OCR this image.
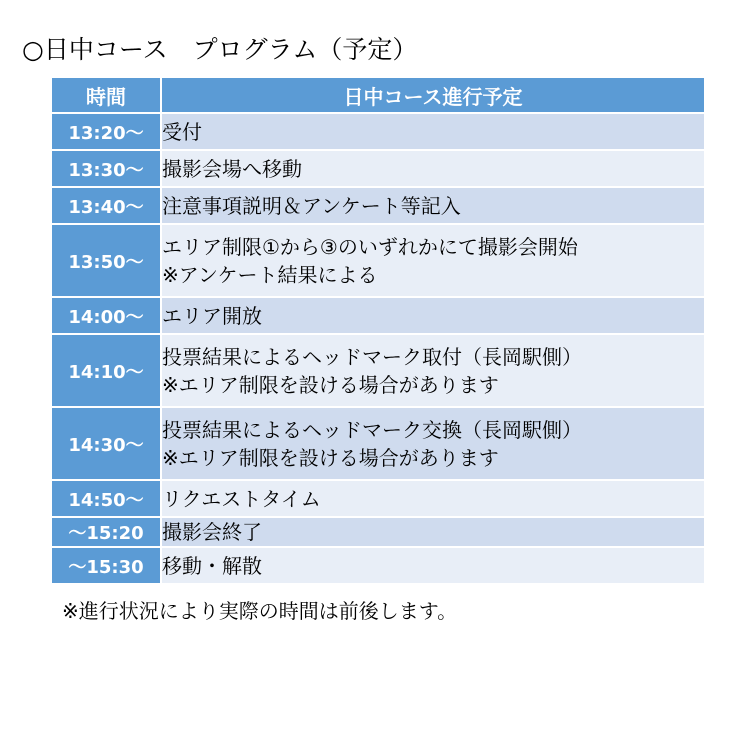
○日中コース　プログラム（予定）
時間	日中コース進行予定
13:20～	受付

13:30～	撮影会場へ移動

13:40～	注意事項説明＆アンケート等記入

13:50～	エリア制限①から③のいずれかにて撮影会開始
※アンケート結果による

14:00～	エリア開放

14:10～	投票結果によるヘッドマーク取付（長岡駅側）
※エリア制限を設ける場合があります

14:30～	投票結果によるヘッドマーク交換（長岡駅側）
※エリア制限を設ける場合があります

14:50～	リクエストタイム

～15:20	撮影会終了

～15:30	移動・解散
※進行状況により実際の時間は前後します。
